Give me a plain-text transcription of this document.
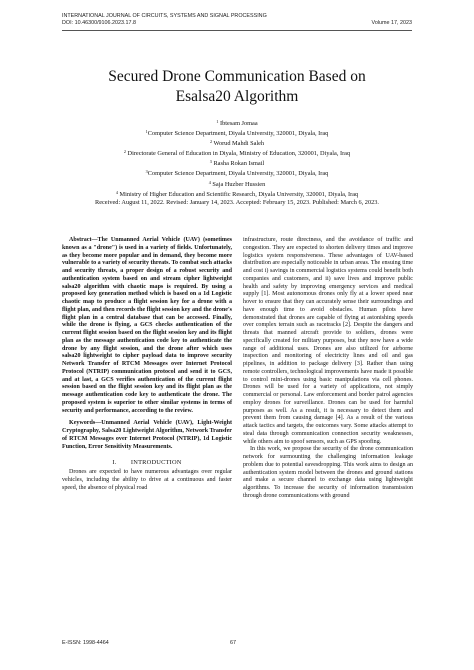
INTERNATIONAL JOURNAL OF CIRCUITS, SYSTEMS AND SIGNAL PROCESSING
DOI: 10.46300/9106.2023.17.8	Volume 17, 2023
Secured Drone Communication Based on
Esalsa20 Algorithm
$^1$ Ibtesam Jomaa
$^1$Computer Science Department, Diyala University, 320001, Diyala, Iraq
$^2$ Worud Mahdi Saleh
$^2$ Directorate General of Education in Diyala, Ministry of Education, 320001, Diyala, Iraq
$^3$ Rasha Rokan Ismail
$^3$Computer Science Department, Diyala University, 320001, Diyala, Iraq
$^4$ Saja Huzber Hussien
$^4$ Ministry of Higher Education and Scientific Research, Diyala University, 320001, Diyala, Iraq
Received: August 11, 2022. Revised: January 14, 2023. Accepted: February 15, 2023. Published: March 6, 2023.

Abstract—The Unmanned Aerial Vehicle (UAV) (sometimes known as a "drone") is used in a variety of fields. Unfortunately, as they become more popular and in demand, they become more vulnerable to a variety of security threats. To combat such attacks and security threats, a proper design of a robust security and authentication system based on and stream cipher lightweight salsa20 algorithm with chaotic maps is required. By using a proposed key generation method which is based on a 1d Logistic chaotic map to produce a flight session key for a drone with a flight plan, and then records the flight session key and the drone's flight plan in a central database that can be accessed. Finally, while the drone is flying, a GCS checks authentication of the current flight session based on the flight session key and its flight plan as the message authentication code key to authenticate the drone by any flight session, and the drone after which uses salsa20 lightweight to cipher payload data to improve security Network Transfer of RTCM Messages over Internet Protocol Protocol (NTRIP) communication protocol and send it to GCS, and at last, a GCS verifies authentication of the current flight session based on the flight session key and its flight plan as the message authentication code key to authenticate the drone. The proposed system is superior to other similar systems in terms of security and performance, according to the review.

Keywords—Unmanned Aerial Vehicle (UAV), Light-Weight Cryptography, Salsa20 Lightweight Algorithm, Network Transfer of RTCM Messages over Internet Protocol (NTRIP), 1d Logistic Function, Error Sensitivity Measurements.

I. INTRODUCTION

Drones are expected to have numerous advantages over regular vehicles, including the ability to drive at a continuous and faster speed, the absence of physical road

infrastructure, route directness, and the avoidance of traffic and congestion. They are expected to shorten delivery times and improve logistics system responsiveness. These advantages of UAV-based distribution are especially noticeable in urban areas. The ensuing time and cost i) savings in commercial logistics systems could benefit both companies and customers, and ii) save lives and improve public health and safety by improving emergency services and medical supply [1]. Most autonomous drones only fly at a lower speed near hover to ensure that they can accurately sense their surroundings and have enough time to avoid obstacles. Human pilots have demonstrated that drones are capable of flying at astonishing speeds over complex terrain such as racetracks [2]. Despite the dangers and threats that manned aircraft provide to soldiers, drones were specifically created for military purposes, but they now have a wide range of additional uses. Drones are also utilized for airborne inspection and monitoring of electricity lines and oil and gas pipelines, in addition to package delivery [3]. Rather than using remote controllers, technological improvements have made it possible to control mini-drones using basic manipulations via cell phones. Drones will be used for a variety of applications, not simply commercial or personal. Law enforcement and border patrol agencies employ drones for surveillance. Drones can be used for harmful purposes as well. As a result, it is necessary to detect them and prevent them from causing damage [4]. As a result of the various attack tactics and targets, the outcomes vary. Some attacks attempt to steal data through communication connection security weaknesses, while others aim to spoof sensors, such as GPS spoofing.

In this work, we propose the security of the drone communication network for surmounting the challenging information leakage problem due to potential eavesdropping. This work aims to design an authentication system model between the drones and ground stations and make a secure channel to exchange data using lightweight algorithms. To increase the security of information transmission through drone communications with ground

E-ISSN: 1998-4464	67
